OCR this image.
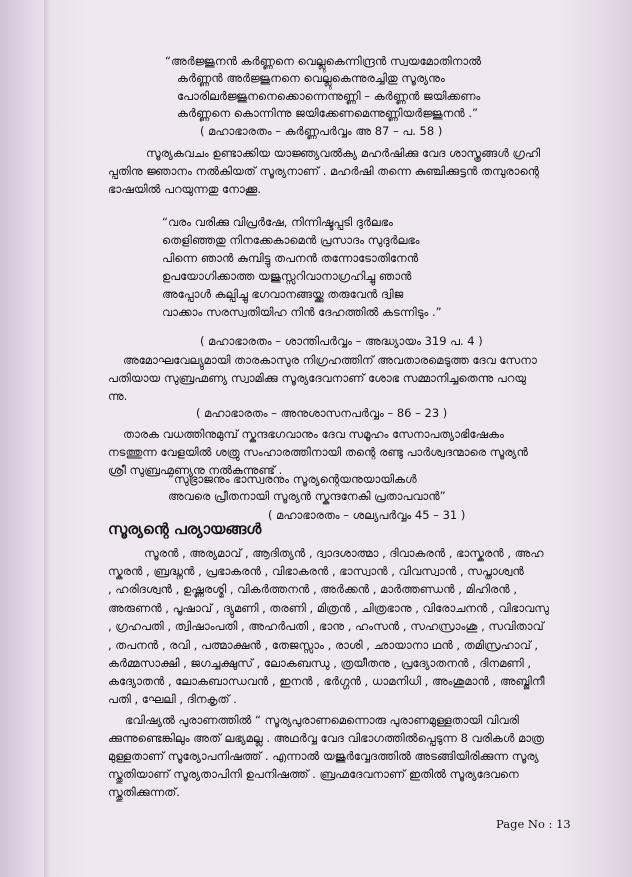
“അർജ്ജുനൻ കർണ്ണനെ വെല്ലുകെന്നിന്ദ്രൻ സ്വയമോതിനാൽ
കർണ്ണൻ അർജ്ജുനനെ വെല്ലുകെന്നുരച്ചിതു സൂര്യനും
പോരിലർജ്ജുനനെക്കൊന്നെന്നുണ്ണി – കർണ്ണൻ ജയിക്കണം
കർണ്ണനെ കൊന്നിന്നു ജയിക്കേണമെന്നുണ്ണിയർജ്ജുനൻ .”
( മഹാഭാരതം – കർണ്ണപർവ്വം അ 87 – പ. 58 )
സൂര്യകവചം ഉണ്ടാക്കിയ യാജ്ഞ്യവൽക്യ മഹർഷിക്കു വേദ ശാസ്ത്രങ്ങൾ ഗ്രഹി
പ്പതിനു ജ്ഞാനം നൽകിയത് സൂര്യനാണ് . മഹർഷി തന്നെ കുഞ്ചിക്കുട്ടൻ തമ്പുരാന്റെ
ഭാഷയിൽ പറയുന്നതു നോക്കൂ.
“വരം വരിക്കു വിപ്രർഷേ, നിന്നിഷ്ടപ്പടി ദുർലഭം
തെളിഞ്ഞതു നിനക്കേകാമെൻ പ്രസാദം സുദുർലഭം
പിന്നെ ഞാൻ കുമ്പിട്ടു തപനൻ തന്നോടോതിനേൻ
ഉപയോഗിക്കാത്ത യജുസ്സറിവാനാഗ്രഹിച്ചു ഞാൻ
അപ്പോൾ കല്പിച്ചു ഭഗവാനങ്ങയ്ക്കു തരുവേൻ ദ്വിജ
വാക്കാം സരസ്വതിയിഹ നിൻ ദേഹത്തിൽ കടന്നിടും .”
( മഹാഭാരതം – ശാന്തിപർവ്വം – അദ്ധ്യായം 319 പ. 4 )
അമോഘവേല്യുമായി താരകാസുര നിഗ്രഹത്തിന് അവതാരമെടുത്ത ദേവ സേനാ
പതിയായ സുബ്രഹ്മണ്യ സ്വാമിക്കു സൂര്യദേവനാണ് ശോഭ സമ്മാനിച്ചതെന്നു പറയു
ന്നു.
( മഹാഭാരതം – അനുശാസനപർവ്വം – 86 – 23 )
താരക വധത്തിനുമുമ്പ് സ്കന്ദഭഗവാനും ദേവ സമൂഹം സേനാപത്യാഭിഷേകം
നടത്തുന്ന വേളയിൽ ശത്രു സംഹാരത്തിനായി തന്റെ രണ്ടു പാർശ്വദന്മാരെ സൂര്യൻ
ശ്രീ സുബ്രഹ്മണ്യനു നൽകുന്നുണ്ട് .
“സുഭ്രാജനും ഭാസ്വരനും സൂര്യന്റെയനുയായികൾ
അവരെ പ്രീതനായി സൂര്യൻ സ്കന്ദനേകി പ്രതാപവാൻ”
( മഹാഭാരതം – ശല്യപർവ്വം 45 – 31 )
സൂര്യന്റെ പര്യായങ്ങൾ
സൂരൻ , അര്യമാവ് , ആദിത്യൻ , ദ്വാദശാത്മാ , ദിവാകരൻ , ഭാസ്കരൻ , അഹ
സ്കരൻ , ബ്രദ്ധ്നൻ , പ്രഭാകരൻ , വിഭാകരൻ , ഭാസ്വാൻ , വിവസ്വാൻ , സപ്താശ്വൻ
, ഹരിദശ്വൻ , ഉഷ്ണരശ്മി , വികർത്തനൻ , അർക്കൻ , മാർത്തണ്ഡൻ , മിഹിരൻ ,
അരുണൻ , പൂഷാവ് , ദ്യുമണി , തരണി , മിത്രൻ , ചിത്രഭാനു , വിരോചനൻ , വിഭാവസു
, ഗ്രഹപതി , ത്വിഷാംപതി , അഹർപതി , ഭാനു , ഹംസൻ , സഹസ്രാംശു , സവിതാവ്
, തപനൻ , രവി , പത്മാക്ഷൻ , തേജസ്സാം , രാശി , ഛായാനാ ഥൻ , തമിസ്രഹാവ് ,
കർമ്മസാക്ഷി , ജഗച്ചക്ഷുസ് , ലോകബന്ധു , ത്രയീതനു , പ്രദ്യോതനൻ , ദിനമണി ,
കദ്യോതൻ , ലോകബാന്ധവൻ , ഇനൻ , ഭർഗ്ഗൻ , ധാമനിധി , അംശുമാൻ , അബ്ജിനീ
പതി , ഘേലി , ദിനകൃത് .
ഭവിഷ്യൽ പുരാണത്തിൽ “ സൂര്യപുരാണമെന്നൊരു പുരാണമുള്ളതായി വിവരി
ക്കുന്നുണ്ടെങ്കിലും അത് ലഭ്യമല്ല . അഥർവ്വ വേദ വിഭാഗത്തിൽപ്പെടുന്ന 8 വരികൾ മാത്ര
മുള്ളതാണ് സൂര്യോപനിഷത്ത് . എന്നാൽ യജുർവ്വേദത്തിൽ അടങ്ങിയിരിക്കുന്ന സൂര്യ
സ്തുതിയാണ് സൂര്യതാപിനി ഉപനിഷത്ത് . ബ്രഹ്മദേവനാണ് ഇതിൽ സൂര്യദേവനെ
സ്തുതിക്കുന്നത്.
Page No : 13
